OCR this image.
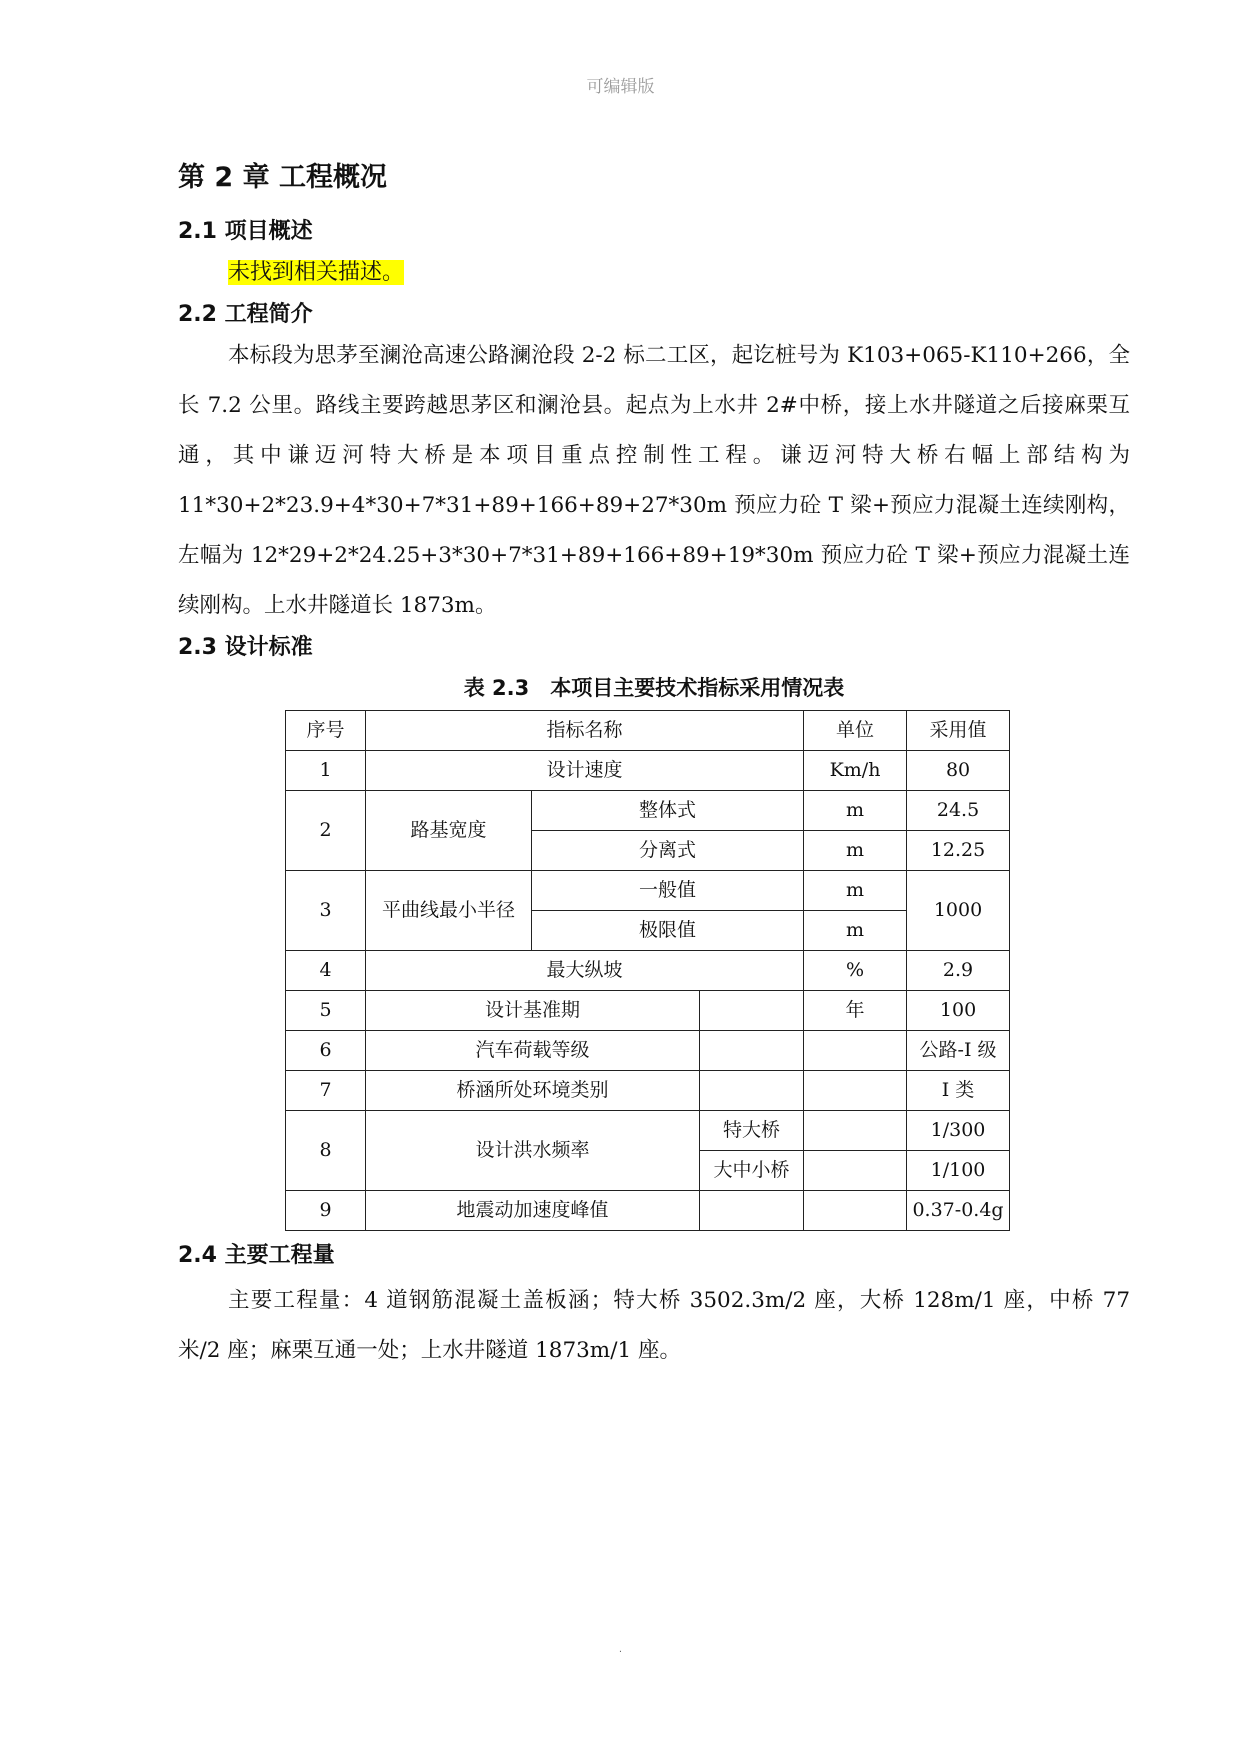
可编辑版
第 2 章 工程概况
2.1 项目概述
未找到相关描述。
2.2 工程简介

本标段为思茅至澜沧高速公路澜沧段 2-2 标二工区，起讫桩号为 K103+065-K110+266，全长 7.2 公里。路线主要跨越思茅区和澜沧县。起点为上水井 2#中桥，接上水井隧道之后接麻栗互通，其中谦迈河特大桥是本项目重点控制性工程。谦迈河特大桥右幅上部结构为 11*30+2*23.9+4*30+7*31+89+166+89+27*30m 预应力砼 T 梁+预应力混凝土连续刚构，左幅为 12*29+2*24.25+3*30+7*31+89+166+89+19*30m 预应力砼 T 梁+预应力混凝土连续刚构。上水井隧道长 1873m。

2.3 设计标准
表 2.3　本项目主要技术指标采用情况表
序号	指标名称			单位	采用值
1	设计速度			Km/h	80
2	路基宽度	整体式		m	24.5
		分离式		m	12.25
3	平曲线最小半径	一般值		m	1000
		极限值		m	
4	最大纵坡			%	2.9
5	设计基准期			年	100
6	汽车荷载等级				公路-I 级
7	桥涵所处环境类别				I 类
8	设计洪水频率		特大桥		1/300
			大中小桥		1/100
9	地震动加速度峰值				0.37-0.4g
2.4 主要工程量

主要工程量：4 道钢筋混凝土盖板涵；特大桥 3502.3m/2 座，大桥 128m/1 座，中桥 77 米/2 座；麻栗互通一处；上水井隧道 1873m/1 座。

.
